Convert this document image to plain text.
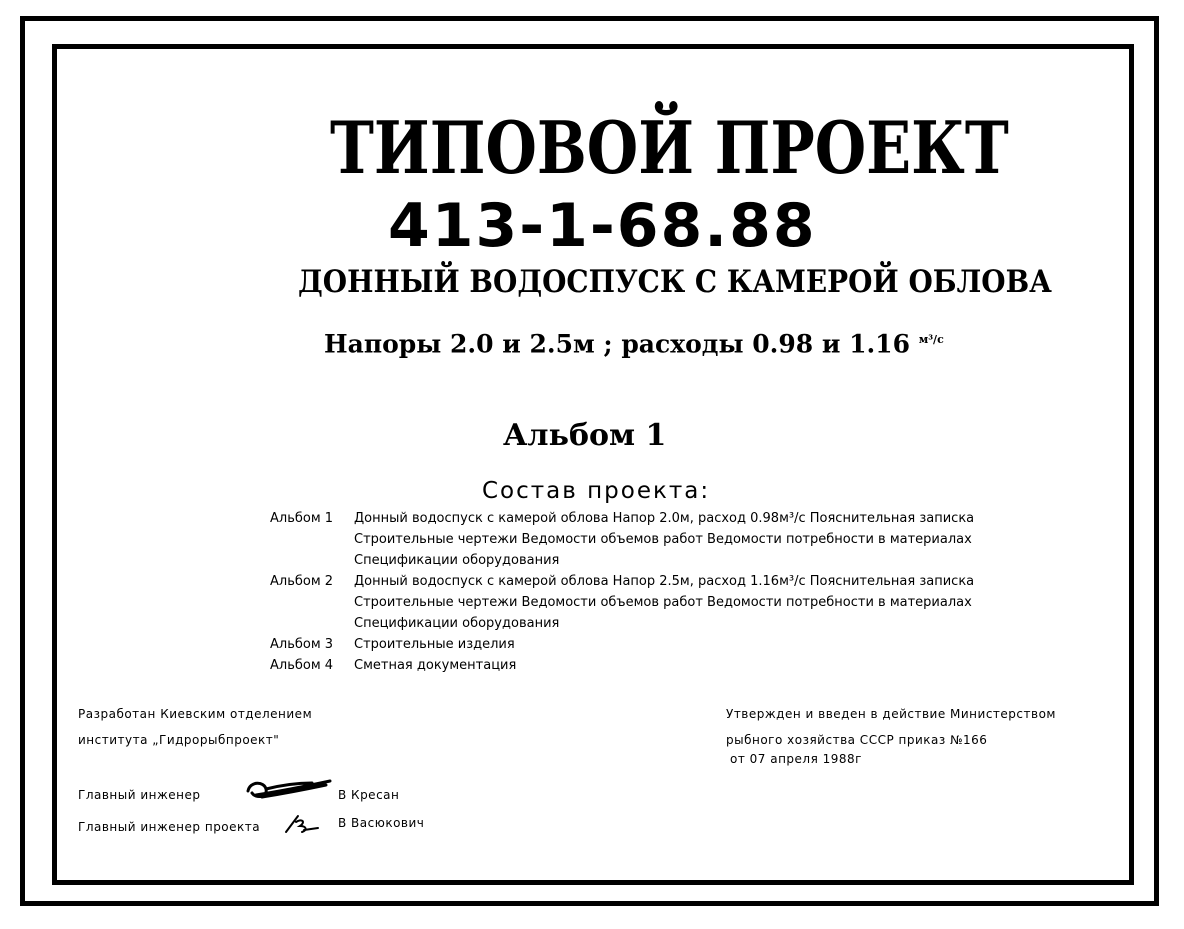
ТИПОВОЙ ПРОЕКТ
413-1-68.88
ДОННЫЙ ВОДОСПУСК С КАМЕРОЙ ОБЛОВА
Напоры 2.0 и 2.5м ; расходы 0.98 и 1.16 $^{м^3/с}$
Альбом 1
Состав проекта:
Альбом 1	Донный водоспуск с камерой облова Напор 2.0м, расход 0.98м³/с Пояснительная записка
Строительные чертежи Ведомости объемов работ Ведомости потребности в материалах
Спецификации оборудования
Альбом 2	Донный водоспуск с камерой облова Напор 2.5м, расход 1.16м³/с Пояснительная записка
Строительные чертежи Ведомости объемов работ Ведомости потребности в материалах
Спецификации оборудования
Альбом 3	Строительные изделия
Альбом 4	Сметная документация
Разработан Киевским отделением
института „Гидрорыбпроект"
Утвержден и введен в действие Министерством
рыбного хозяйства СССР приказ №166
от 07 апреля 1988г
Главный инженер	В Кресан
Главный инженер проекта	В Васюкович
